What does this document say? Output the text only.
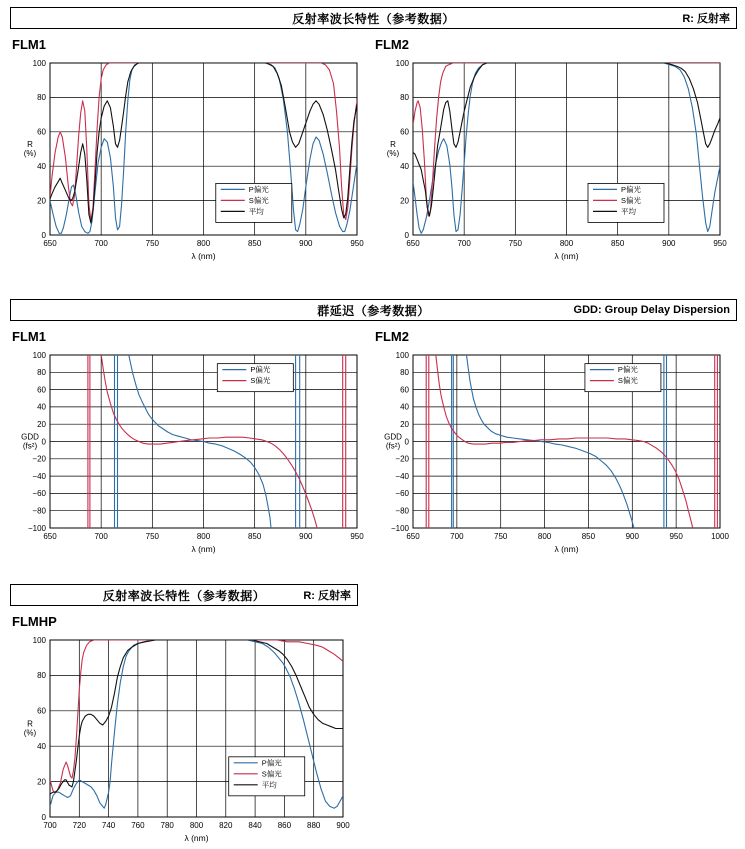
反射率波长特性（参考数据）	R: 反射率
FLM1
650	700	750	800	850	900	950
0
20
40
60
80
100
R
(%)
λ (nm)
P偏光
S偏光
平均
FLM2
650	700	750	800	850	900	950
0
20
40
60
80
100
R
(%)
λ (nm)
P偏光
S偏光
平均
群延迟（参考数据）	GDD: Group Delay Dispersion
FLM1
650	700	750	800	850	900	950
−100
−80
−60
−40
−20
0
20
40
60
80
100
GDD
(fs²)
λ (nm)
P偏光
S偏光
FLM2
650	700	750	800	850	900	950	1000
−100
−80
−60
−40
−20
0
20
40
60
80
100
GDD
(fs²)
λ (nm)
P偏光
S偏光
反射率波长特性（参考数据）	R: 反射率
FLMHP
700 720 740 760 780 800 820 840 860 880 900
0
20
40
60
80
100
R
(%)
λ (nm)
P偏光
S偏光
平均
